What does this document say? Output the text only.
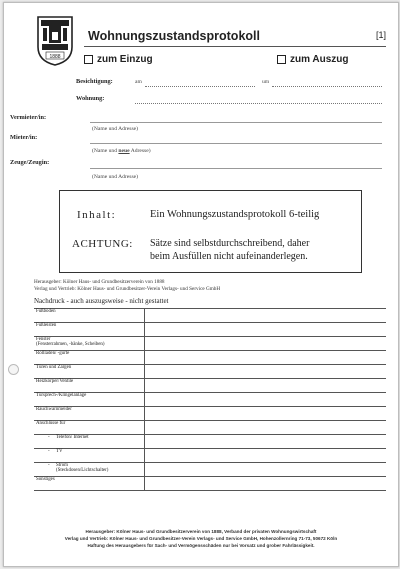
1888
Wohnungszustandsprotokoll	[1]
zum Einzug	zum Auszug
Besichtigung:	am	um
Wohnung:
Vermieter/in:
(Name und Adresse)
Mieter/in:
(Name und neue Adresse)
Zeuge/Zeugin:
(Name und Adresse)
Inhalt:	Ein Wohnungszustandsprotokoll 6-teilig
ACHTUNG: Sätze sind selbstdurchschreibend, daher
beim Ausfüllen nicht aufeinanderlegen.
Herausgeber: Kölner Haus- und Grundbesitzerverein von 1888
Verlag und Vertrieb: Kölner Haus- und Grundbesitzer-Verein Verlags- und Service GmbH
Nachdruck - auch auszugsweise - nicht gestattet
Fußboden	
Fußleisten	
Fenster
(Fensterrahmen, -bänke, Scheiben)	

Rollladen/ -gurte	
Türen und Zargen	
Heizkörper/Ventile	
Türsprech-/Klingelanlage	
Rauchwarnmelder	
Anschlüsse für	
- Telefon/ Internet	
- TV	
- Strom
(Steckdosen/Lichtschalter)	

Sonstiges	
Herausgeber: Kölner Haus- und Grundbesitzerverein von 1888, Verband der privaten Wohnungswirtschaft
Verlag und Vertrieb: Kölner Haus- und Grundbesitzer-Verein Verlags- und Service GmbH, Hohenzollernring 71-73, 50672 Köln
Haftung des Herausgebers für Sach- und Vermögensschäden nur bei Vorsatz und grober Fahrlässigkeit.
